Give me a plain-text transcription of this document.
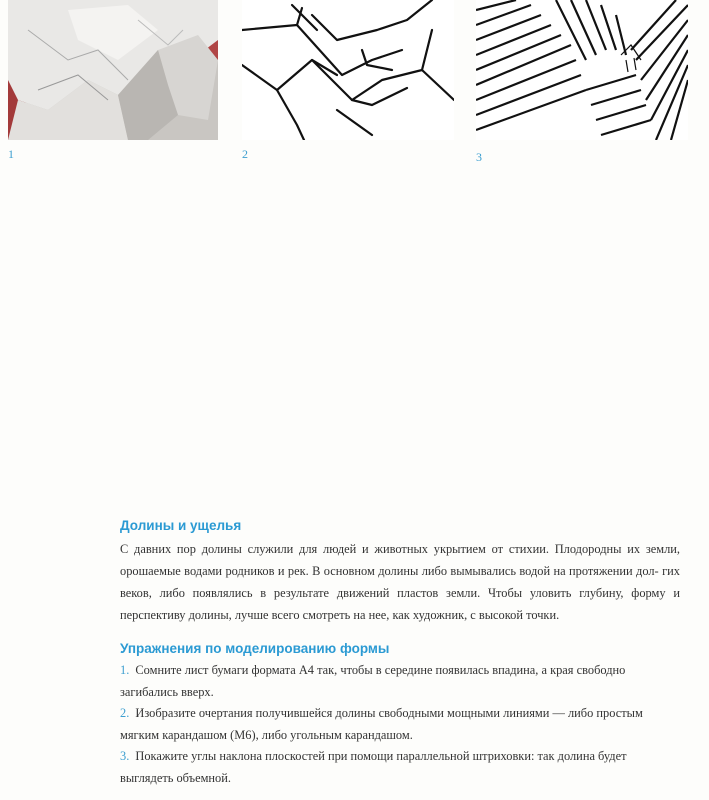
1	2	3
Долины и ущелья

С давних пор долины служили для людей и животных укрытием от стихии. Плодородны их земли, орошаемые водами родников и рек. В основном долины либо вымывались водой на протяжении дол- гих веков, либо появлялись в результате движений пластов земли. Чтобы уловить глубину, форму и перспективу долины, лучше всего смотреть на нее, как художник, с высокой точки.

Упражнения по моделированию формы
1. Сомните лист бумаги формата А4 так, чтобы в середине появилась впадина, а края свободно загибались вверх.
2. Изобразите очертания получившейся долины свободными мощными линиями — либо простым мягким карандашом (М6), либо угольным карандашом.
3. Покажите углы наклона плоскостей при помощи параллельной штриховки: так долина будет выглядеть объемной.
